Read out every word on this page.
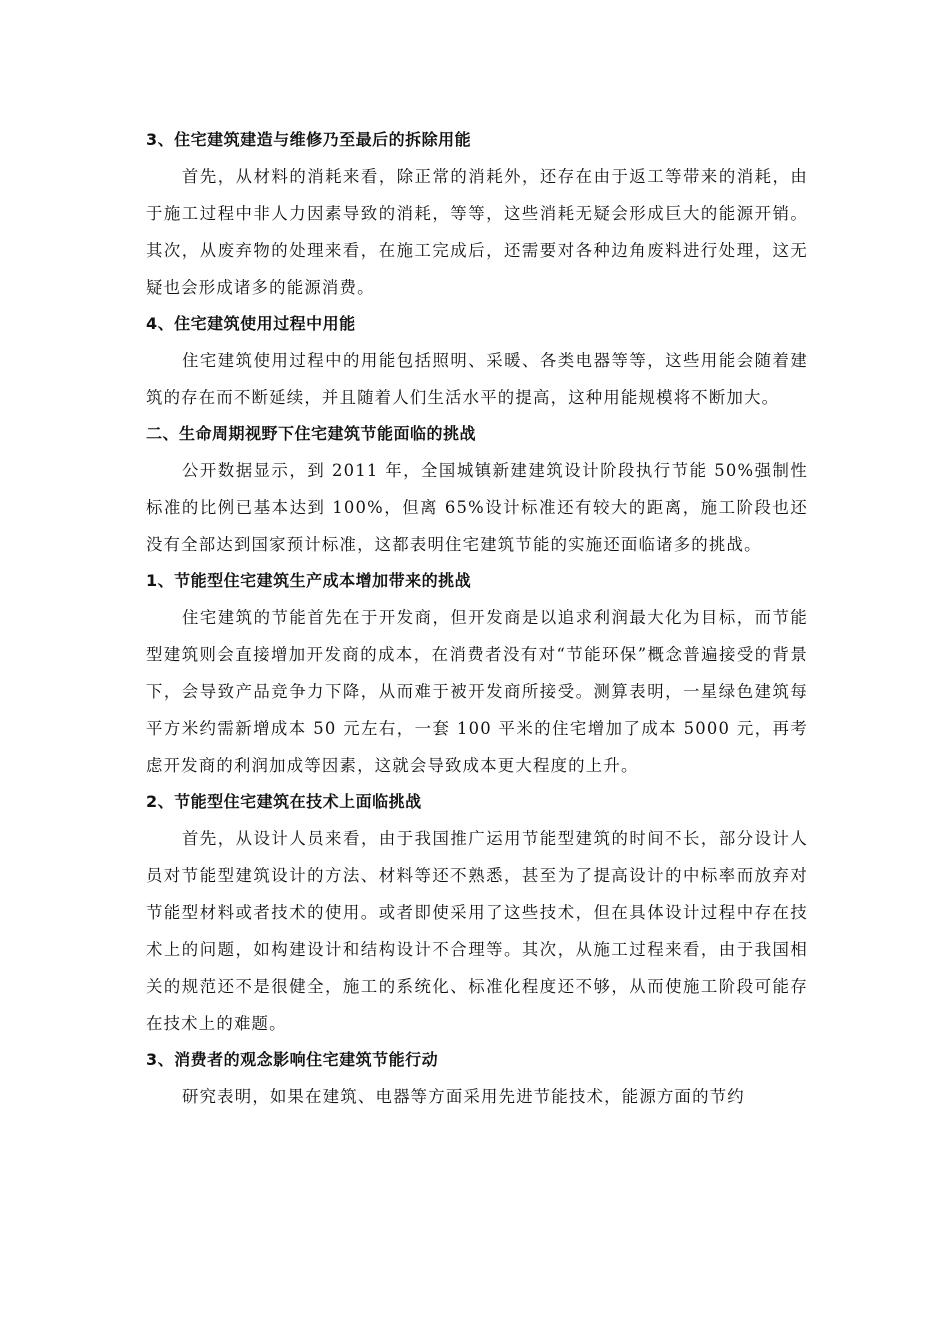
3、住宅建筑建造与维修乃至最后的拆除用能

首先，从材料的消耗来看，除正常的消耗外，还存在由于返工等带来的消耗，由于施工过程中非人力因素导致的消耗，等等，这些消耗无疑会形成巨大的能源开销。其次，从废弃物的处理来看，在施工完成后，还需要对各种边角废料进行处理，这无疑也会形成诸多的能源消费。

4、住宅建筑使用过程中用能

住宅建筑使用过程中的用能包括照明、采暖、各类电器等等，这些用能会随着建筑的存在而不断延续，并且随着人们生活水平的提高，这种用能规模将不断加大。

二、生命周期视野下住宅建筑节能面临的挑战

公开数据显示，到 2011 年，全国城镇新建建筑设计阶段执行节能 50%强制性标准的比例已基本达到 100%，但离 65%设计标准还有较大的距离，施工阶段也还没有全部达到国家预计标准，这都表明住宅建筑节能的实施还面临诸多的挑战。

1、节能型住宅建筑生产成本增加带来的挑战

住宅建筑的节能首先在于开发商，但开发商是以追求利润最大化为目标，而节能型建筑则会直接增加开发商的成本，在消费者没有对“节能环保”概念普遍接受的背景下，会导致产品竞争力下降，从而难于被开发商所接受。测算表明，一星绿色建筑每平方米约需新增成本 50 元左右，一套 100 平米的住宅增加了成本 5000 元，再考虑开发商的利润加成等因素，这就会导致成本更大程度的上升。

2、节能型住宅建筑在技术上面临挑战

首先，从设计人员来看，由于我国推广运用节能型建筑的时间不长，部分设计人员对节能型建筑设计的方法、材料等还不熟悉，甚至为了提高设计的中标率而放弃对节能型材料或者技术的使用。或者即使采用了这些技术，但在具体设计过程中存在技术上的问题，如构建设计和结构设计不合理等。其次，从施工过程来看，由于我国相关的规范还不是很健全，施工的系统化、标准化程度还不够，从而使施工阶段可能存在技术上的难题。

3、消费者的观念影响住宅建筑节能行动

研究表明，如果在建筑、电器等方面采用先进节能技术，能源方面的节约
